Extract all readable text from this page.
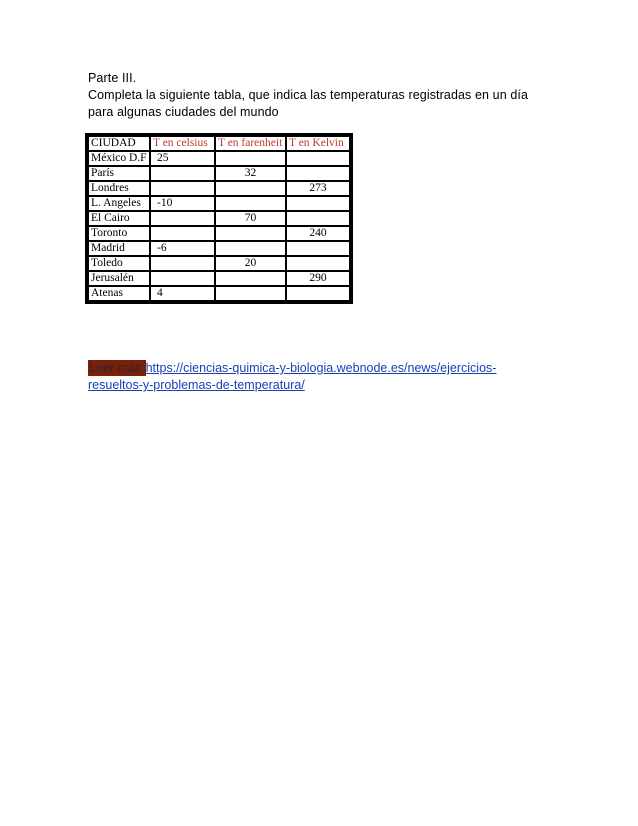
Parte III.
Completa la siguiente tabla, que indica las temperaturas registradas en un día
para algunas ciudades del mundo
CIUDAD	T en celsius	T en farenheit	T en Kelvin
México D.F	25		
París		32	
Londres			273
L. Angeles	-10		
El Cairo		70	
Toronto			240
Madrid	-6		
Toledo		20	
Jerusalén			290
Atenas	4		
Leer más:https://ciencias-quimica-y-biologia.webnode.es/news/ejercicios-
resueltos-y-problemas-de-temperatura/
